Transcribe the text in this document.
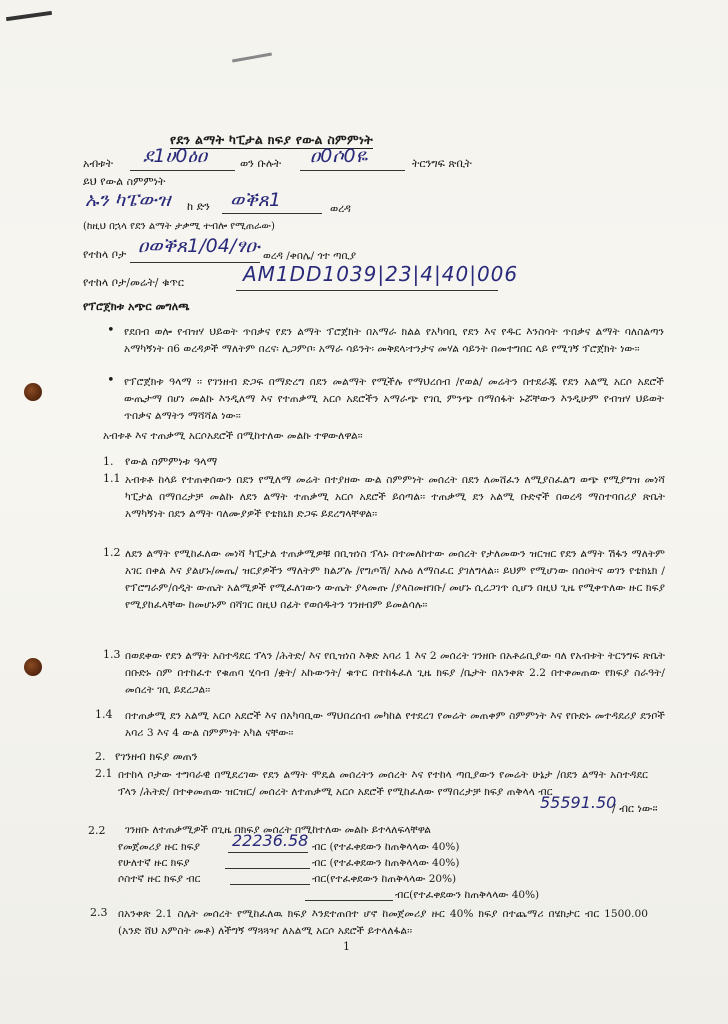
የደን ልማት ካፒታል ክፍያ የውል ስምምነት
አብቱት ደ1ሀ0ዕዐ	ወን ቡሉት ዐ0ሶ0ዬ	ትርንግፍ ጽቢት
ይህ የውል ስምምነት
ኡን ካፔውዝ ከ ድን ወቕጸ1	ወረዳ
(ከዚህ በኋላ የደን ልማት ታቃሚ ተብሎ የሚጠራው)
የተከላ ቦታ ዐወቕጸ1/04/ፃዑ ወረዳ /ቀበሌ/ ጎተ ጣቢያ
የተከላ ቦታ/መሬት/ ቁጥር	AM1DD1039|23|4|40|006
የፕሮጀክቱ አጭር መግለጫ
• የደበብ ወሎ የብዝሃ ህይወት ጥበቃና የደን ልማት ፕሮጀክት በአማራ ክልል የአካባቢ የደን እና የዱር እንስሳት ጥበቃና ልማት ባለስልጣን አማካኝነት በ6 ወረዳዎች ማለትም በረና፡ ሊጋምቦ፡ አማራ ሳይንት፡ መቅደላ፡ተንታና መሃል ሳይንት በመተግበር ላይ የሚገኝ ፕሮጀክት ነው፡፡
• የፕሮጀክቱ ዓላማ ፡፡ የገንዘብ ድጋፍ በማድረግ በደን መልማት የሚችሉ የማህረሰብ /የወል/ መሬትን በተደራጁ የደን አልሚ አርሶ አደሮች ውጤታማ በሆነ መልኩ እንዲለማ እና የተጠቃሚ አርሶ አደሮችን አማራጭ የገቢ ምንጭ በማሰፋት ኑሯቸውን እንዲሁም የብዝሃ ህይወት ጥበቃና ልማትን ማሻሻል ነው፡፡
አብቱቶ እና ተጠቃሚ አርሶአደሮች በሚከተለው መልኩ ተዋውለዋል፡፡
1. የውል ስምምነቱ ዓላማ
1.1 አብቱቶ ከላይ የተጠቀሰውን በደን የሚለማ መሬት በተያዘው ውል ስምምነት መሰረት በደን ለመሸፈን ለሚያስፈልግ ወጭ የሚያግዝ መነሻ ካፒታል በማበረታቻ መልኩ ለደን ልማት ተጠቃሚ አርሶ አደሮች ይሰጣል፡፡ ተጠቃሚ ደን አልሚ ቡድኖች በወረዳ ማስተባበሪያ ጽቤት አማካኝነት በደን ልማት ባለሙያዎች የቴክኒክ ድጋፍ ይደረግላቸዋል፡፡
1.2 ለደን ልማት የሚከፈለው መነሻ ካፒታል ተጠቃሚዎቹ በቢዝነስ ፕላኑ በተመለከተው መሰረት የታለመውን ዝርዝር የደን ልማት ሽፋን ማለትም አገር በቀል እና ያልሆኑ/መጤ/ ዝርያዎችን ማለትም ክልፖሉ /የግጦሽ/ አሉዕ ለማስፈር ያገለግላል፡፡ ይህም የሚሆነው በሰዐትና ወገን የቴክኒክ /የፕሮግራም/ሰዲት ውጤት አልሚዎች የሚፈለገውን ውጤት ያላመጡ /ያላስመዘገቡ/ መሆኑ ሲረጋገጥ ሲሆን በዚህ ጊዜ የሚቀጥለው ዙር ክፍያ የሚያከፈላቸው ከመሆኑም በሻገር በዚህ በፊት የወሰዱትን ገንዘብም ይመልሳሉ፡፡
1.3 በወደቀው የደን ልማት አስተዳደር ፕላን /ሕትድ/ እና የቢዝነስ እቅድ አባሪ 1 እና 2 መሰረት ገንዘቡ በአቶሬቢያው ባለ የአብቱት ትርንግፍ ጽቤት በቡድኑ ስም በተከፈተ የቁጠባ ሂሳብ /ቋት/ አኩውንት/ ቁጥር በተከፋፈለ ጊዜ ክፍያ /ቤታት በአንቀጽ 2.2 በተቀመጠው የክፍያ ስራዓት/ መሰረት ገቢ ይደረጋል፡፡
1.4 በተጠቃሚ ደን አልሚ አርሶ አደሮች እና በአካባቢው ማህበረሰብ መካከል የተደረገ የመሬት መጠቀም ስምምነት እና የቡድኑ መተዳደሪያ ደንቦች አባሪ 3 እና 4 ውል ስምምነት አካል ናቸው፡፡
2. የገንዘብ ክፍያ መጠን
2.1 በተከላ ቦታው ተግባራዊ በሚደረገው የደን ልማት ሞዴል መሰረትን መሰረት እና የተከላ ጣቢያውን የመሬት ሁኔታ /በደን ልማት አስተዳደር ፕላን /ሕትድ/ በተቀመጠው ዝርዝር/ መሰረት ለተጠቃሚ አርሶ አደሮች የሚከፈለው የማበረታቻ ክፍያ ጠቅላላ ብር
55591.50
/ ብር ነው፡፡
2.2 ገንዘቡ ለተጠቃሚዎች በጊዜ በክፍያ መሰረት በሚከተለው መልኩ ይተላለፍላቸዋል
የመጀመሪያ ዙር ክፍያ 22236.58 ብር (የተፈቀደውን ከጠቅላላው 40%)
የሁለተኛ ዙር ክፍያ	ብር (የተፈቀደውን ከጠቅላላው 40%)
ሶስተኛ ዙር ክፍያ ብር	ብር(የተፈቀደውን ከጠቅላላው 20%)
ብር(የተፈቀደውን ከጠቅላላው 40%)
2.3 በአንቀጽ 2.1 ስሌት መሰረት የሚከፈለዉ ክፍያ እንደተጠበተ ሆኖ ከመጀመሪያ ዙር 40% ክፍያ በተጨማሪ በሄክታር ብር 1500.00 (አንድ ሸህ አምስት መቶ) ለችግኝ ማጓጓዣ ለአልሚ አርሶ አደሮች ይተላለፋል፡፡
1
